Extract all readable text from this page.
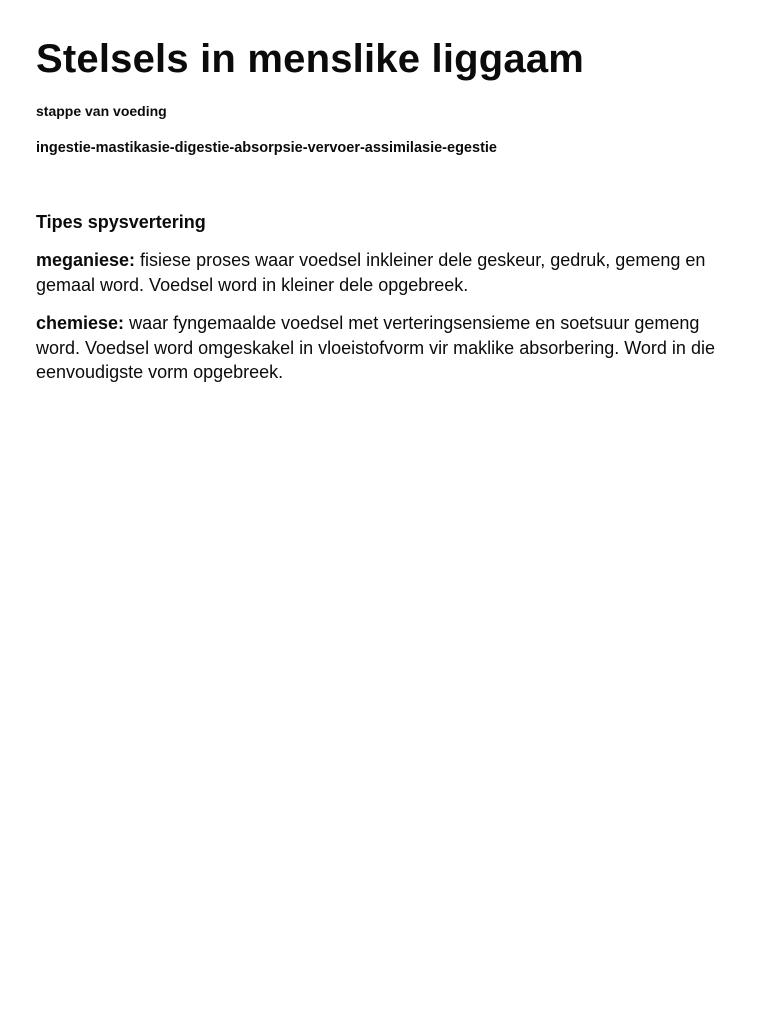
Stelsels in menslike liggaam
stappe van voeding
ingestie-mastikasie-digestie-absorpsie-vervoer-assimilasie-egestie
Tipes spysvertering

meganiese: fisiese proses waar voedsel inkleiner dele geskeur, gedruk, gemeng en gemaal word. Voedsel word in kleiner dele opgebreek.

chemiese: waar fyngemaalde voedsel met verteringsensieme en soetsuur gemeng word. Voedsel word omgeskakel in vloeistofvorm vir maklike absorbering. Word in die eenvoudigste vorm opgebreek.
